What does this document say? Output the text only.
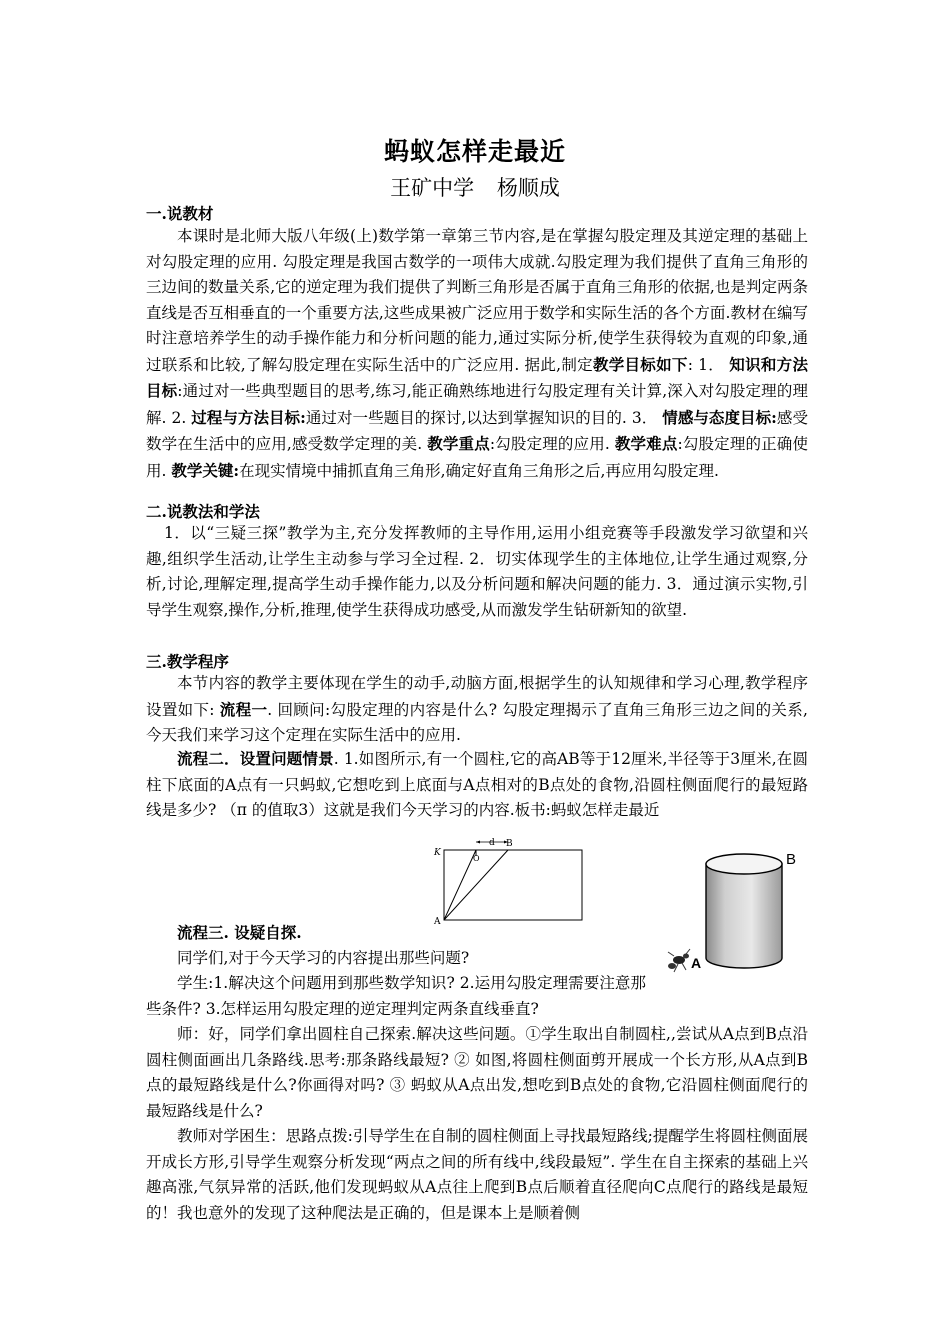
蚂蚁怎样走最近
王矿中学 杨顺成
一.说教材
本课时是北师大版八年级(上)数学第一章第三节内容,是在掌握勾股定理及其逆定理的基础上对勾股定理的应用. 勾股定理是我国古数学的一项伟大成就.勾股定理为我们提供了直角三角形的三边间的数量关系,它的逆定理为我们提供了判断三角形是否属于直角三角形的依据,也是判定两条直线是否互相垂直的一个重要方法,这些成果被广泛应用于数学和实际生活的各个方面.教材在编写时注意培养学生的动手操作能力和分析问题的能力,通过实际分析,使学生获得较为直观的印象,通过联系和比较,了解勾股定理在实际生活中的广泛应用. 据此,制定教学目标如下: 1． 知识和方法目标:通过对一些典型题目的思考,练习,能正确熟练地进行勾股定理有关计算,深入对勾股定理的理解. 2. 过程与方法目标:通过对一些题目的探讨,以达到掌握知识的目的. 3． 情感与态度目标:感受数学在生活中的应用,感受数学定理的美. 教学重点:勾股定理的应用. 教学难点:勾股定理的正确使用. 教学关键:在现实情境中捕抓直角三角形,确定好直角三角形之后,再应用勾股定理.
二.说教法和学法
1．以“三疑三探”教学为主,充分发挥教师的主导作用,运用小组竞赛等手段激发学习欲望和兴趣,组织学生活动,让学生主动参与学习全过程. 2．切实体现学生的主体地位,让学生通过观察,分析,讨论,理解定理,提高学生动手操作能力,以及分析问题和解决问题的能力. 3．通过演示实物,引导学生观察,操作,分析,推理,使学生获得成功感受,从而激发学生钻研新知的欲望.
三.教学程序
本节内容的教学主要体现在学生的动手,动脑方面,根据学生的认知规律和学习心理,教学程序设置如下: 流程一. 回顾问:勾股定理的内容是什么? 勾股定理揭示了直角三角形三边之间的关系,今天我们来学习这个定理在实际生活中的应用.
流程二．设置问题情景. 1.如图所示,有一个圆柱,它的高AB等于12厘米,半径等于3厘米,在圆柱下底面的A点有一只蚂蚁,它想吃到上底面与A点相对的B点处的食物,沿圆柱侧面爬行的最短路线是多少? （π 的值取3）这就是我们今天学习的内容.板书:蚂蚁怎样走最近
d B
K
O
A
B
A
流程三. 设疑自探.
同学们,对于今天学习的内容提出那些问题?
学生:1.解决这个问题用到那些数学知识? 2.运用勾股定理需要注意那些条件? 3.怎样运用勾股定理的逆定理判定两条直线垂直?
师：好，同学们拿出圆柱自己探索.解决这些问题。①学生取出自制圆柱,,尝试从A点到B点沿圆柱侧面画出几条路线.思考:那条路线最短? ② 如图,将圆柱侧面剪开展成一个长方形,从A点到B点的最短路线是什么?你画得对吗? ③ 蚂蚁从A点出发,想吃到B点处的食物,它沿圆柱侧面爬行的最短路线是什么?
教师对学困生：思路点拨:引导学生在自制的圆柱侧面上寻找最短路线;提醒学生将圆柱侧面展开成长方形,引导学生观察分析发现“两点之间的所有线中,线段最短”. 学生在自主探索的基础上兴趣高涨,气氛异常的活跃,他们发现蚂蚁从A点往上爬到B点后顺着直径爬向C点爬行的路线是最短的！我也意外的发现了这种爬法是正确的，但是课本上是顺着侧
